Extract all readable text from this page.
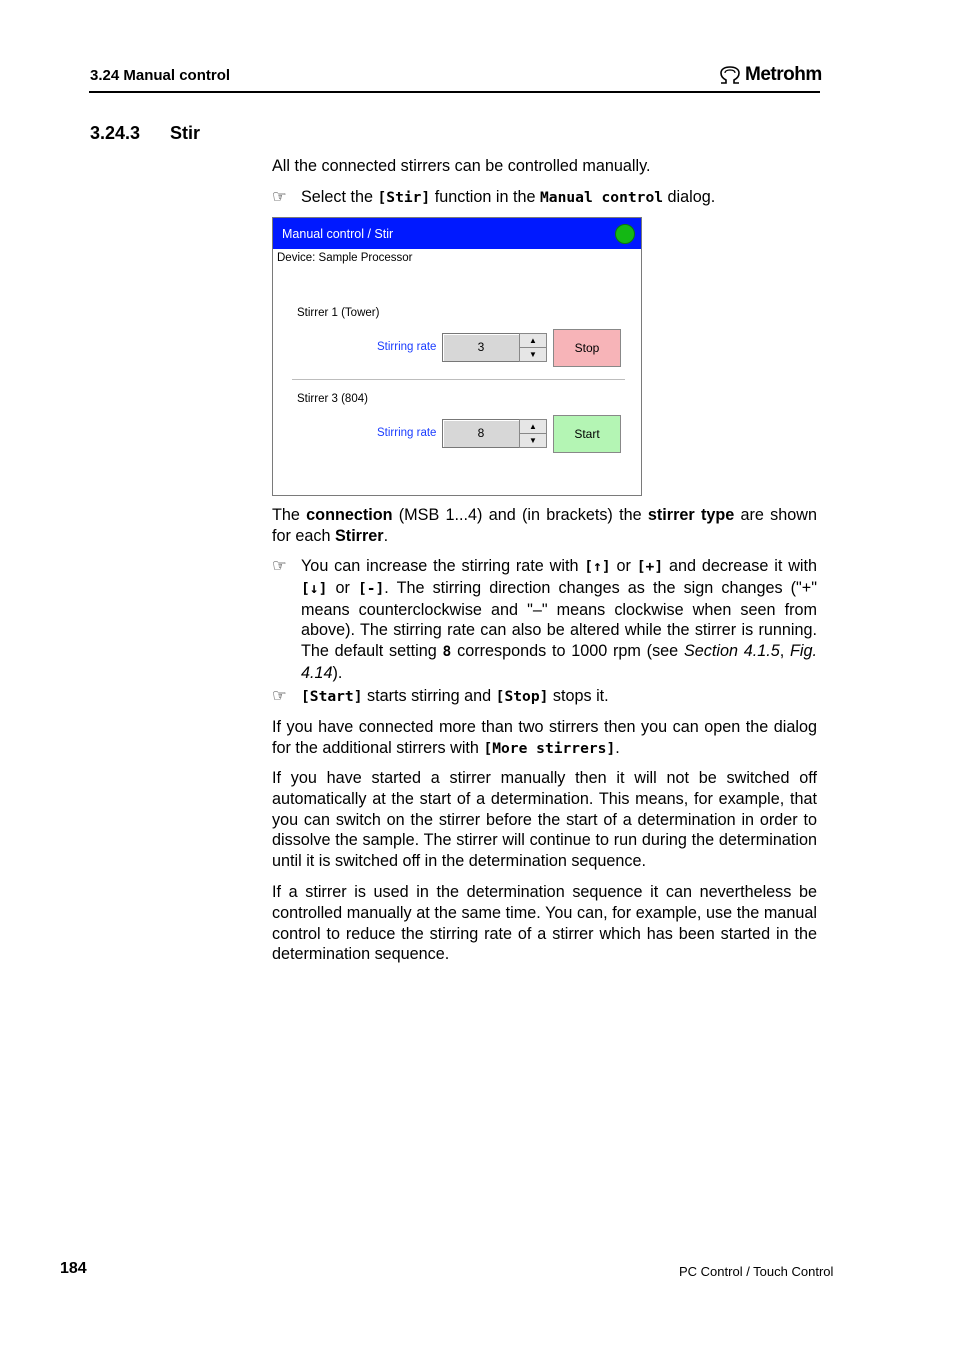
3.24 Manual control	Metrohm
3.24.3 Stir
All the connected stirrers can be controlled manually.
☞ Select the [Stir] function in the Manual control dialog.
Manual control / Stir
Device: Sample Processor
Stirrer 1 (Tower)
Stirring rate	3	▲
▼	Stop
Stirrer 3 (804)
Stirring rate	8	▲
▼	Start
The connection (MSB 1...4) and (in brackets) the stirrer type are shown for each Stirrer.
☞ You can increase the stirring rate with [↑] or [+] and decrease it with [↓] or [-]. The stirring direction changes as the sign changes ("+" means counterclockwise and "–" means clockwise when seen from above). The stirring rate can also be altered while the stirrer is running. The default setting 8 corresponds to 1000 rpm (see Section 4.1.5, Fig. 4.14).
☞ [Start] starts stirring and [Stop] stops it.
If you have connected more than two stirrers then you can open the dialog for the additional stirrers with [More stirrers].
If you have started a stirrer manually then it will not be switched off automatically at the start of a determination. This means, for example, that you can switch on the stirrer before the start of a determination in order to dissolve the sample. The stirrer will continue to run during the determination until it is switched off in the determination sequence.
If a stirrer is used in the determination sequence it can nevertheless be controlled manually at the same time. You can, for example, use the manual control to reduce the stirring rate of a stirrer which has been started in the determination sequence.
184	PC Control / Touch Control
